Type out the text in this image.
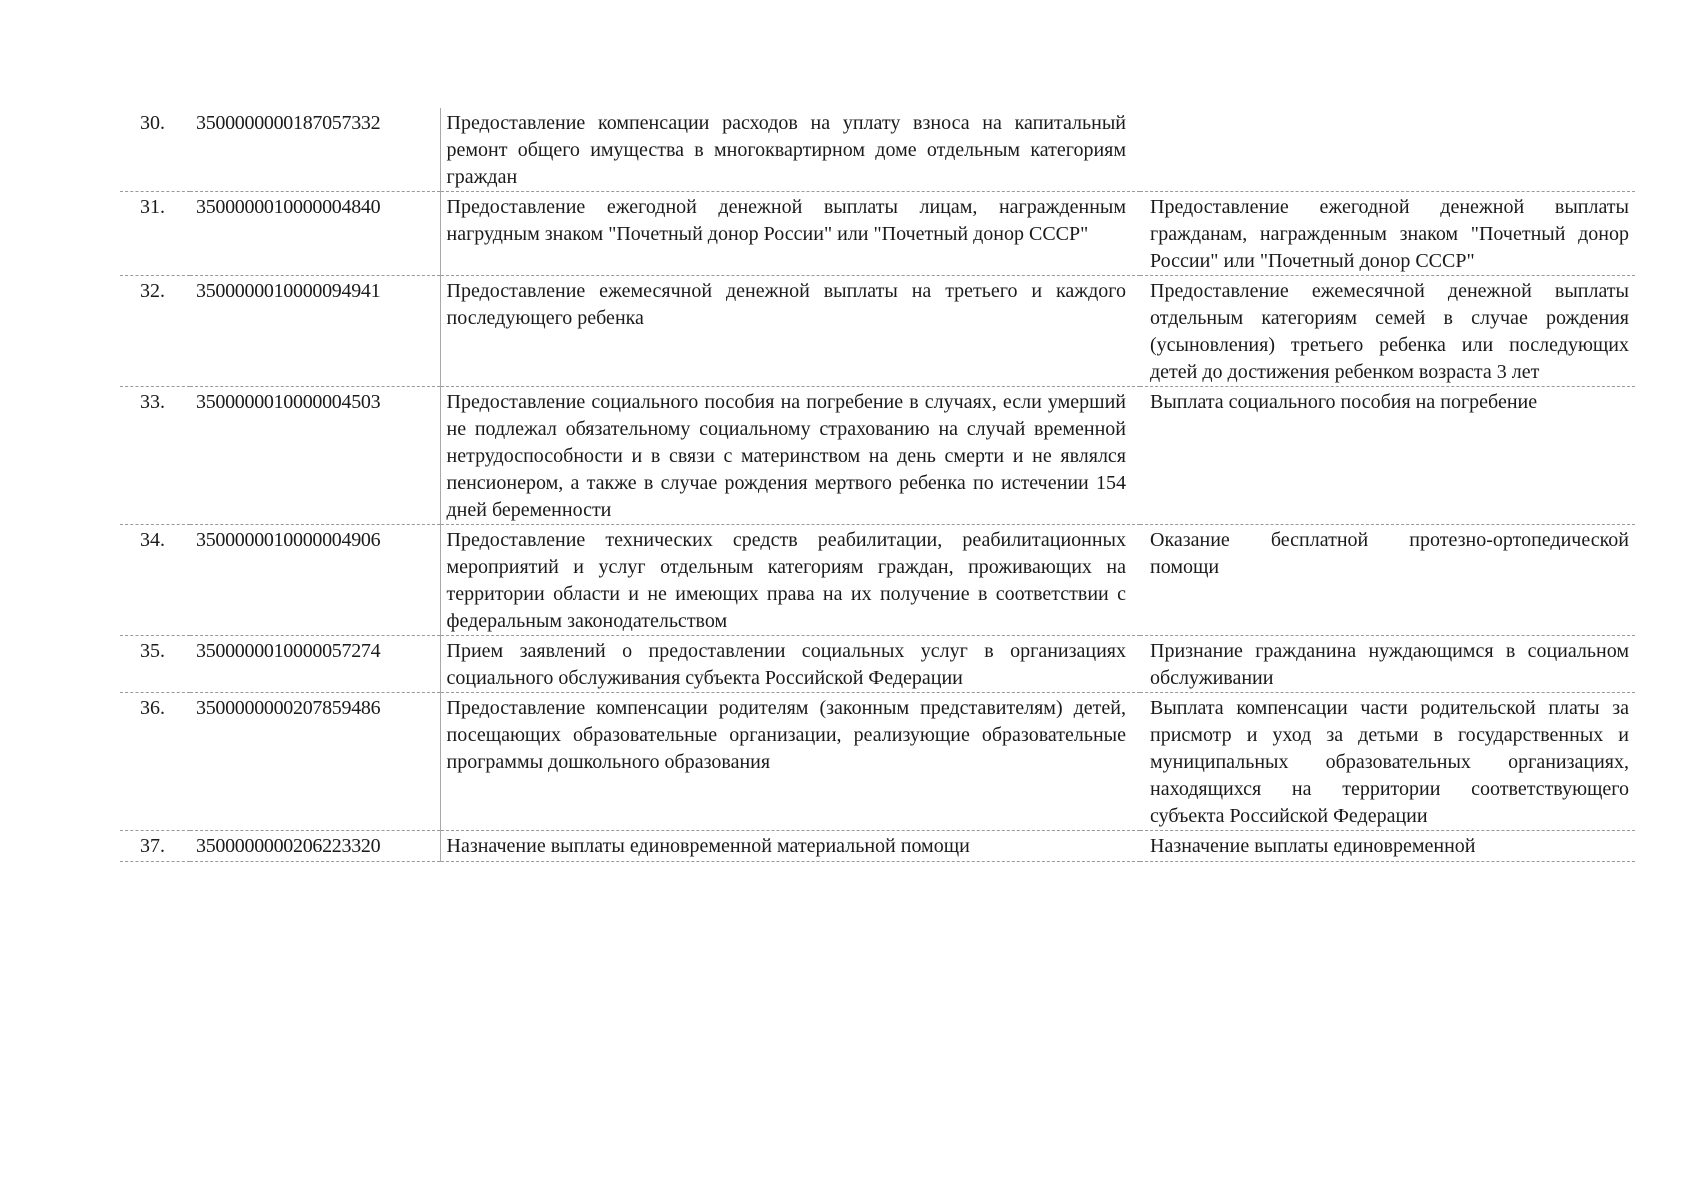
30.	3500000000187057332	Предоставление компенсации расходов на уплату взноса на капитальный ремонт общего имущества в многоквартирном доме отдельным категориям граждан	
31.	3500000010000004840	Предоставление ежегодной денежной выплаты лицам, награжденным нагрудным знаком "Почетный донор России" или "Почетный донор СССР"	Предоставление ежегодной денежной выплаты гражданам, награжденным знаком "Почетный донор России" или "Почетный донор СССР"
32.	3500000010000094941	Предоставление ежемесячной денежной выплаты на третьего и каждого последующего ребенка	Предоставление ежемесячной денежной выплаты отдельным категориям семей в случае рождения (усыновления) третьего ребенка или последующих детей до достижения ребенком возраста 3 лет
33.	3500000010000004503	Предоставление социального пособия на погребение в случаях, если умерший не подлежал обязательному социальному страхованию на случай временной нетрудоспособности и в связи с материнством на день смерти и не являлся пенсионером, а также в случае рождения мертвого ребенка по истечении 154 дней беременности	Выплата социального пособия на погребение
34.	3500000010000004906	Предоставление технических средств реабилитации, реабилитационных мероприятий и услуг отдельным категориям граждан, проживающих на территории области и не имеющих права на их получение в соответствии с федеральным законодательством	Оказание бесплатной протезно-ортопедической помощи
35.	3500000010000057274	Прием заявлений о предоставлении социальных услуг в организациях социального обслуживания субъекта Российской Федерации	Признание гражданина нуждающимся в социальном обслуживании
36.	3500000000207859486	Предоставление компенсации родителям (законным представителям) детей, посещающих образовательные организации, реализующие образовательные программы дошкольного образования	Выплата компенсации части родительской платы за присмотр и уход за детьми в государственных и муниципальных образовательных организациях, находящихся на территории соответствующего субъекта Российской Федерации
37.	3500000000206223320	Назначение выплаты единовременной материальной помощи	Назначение выплаты единовременной
